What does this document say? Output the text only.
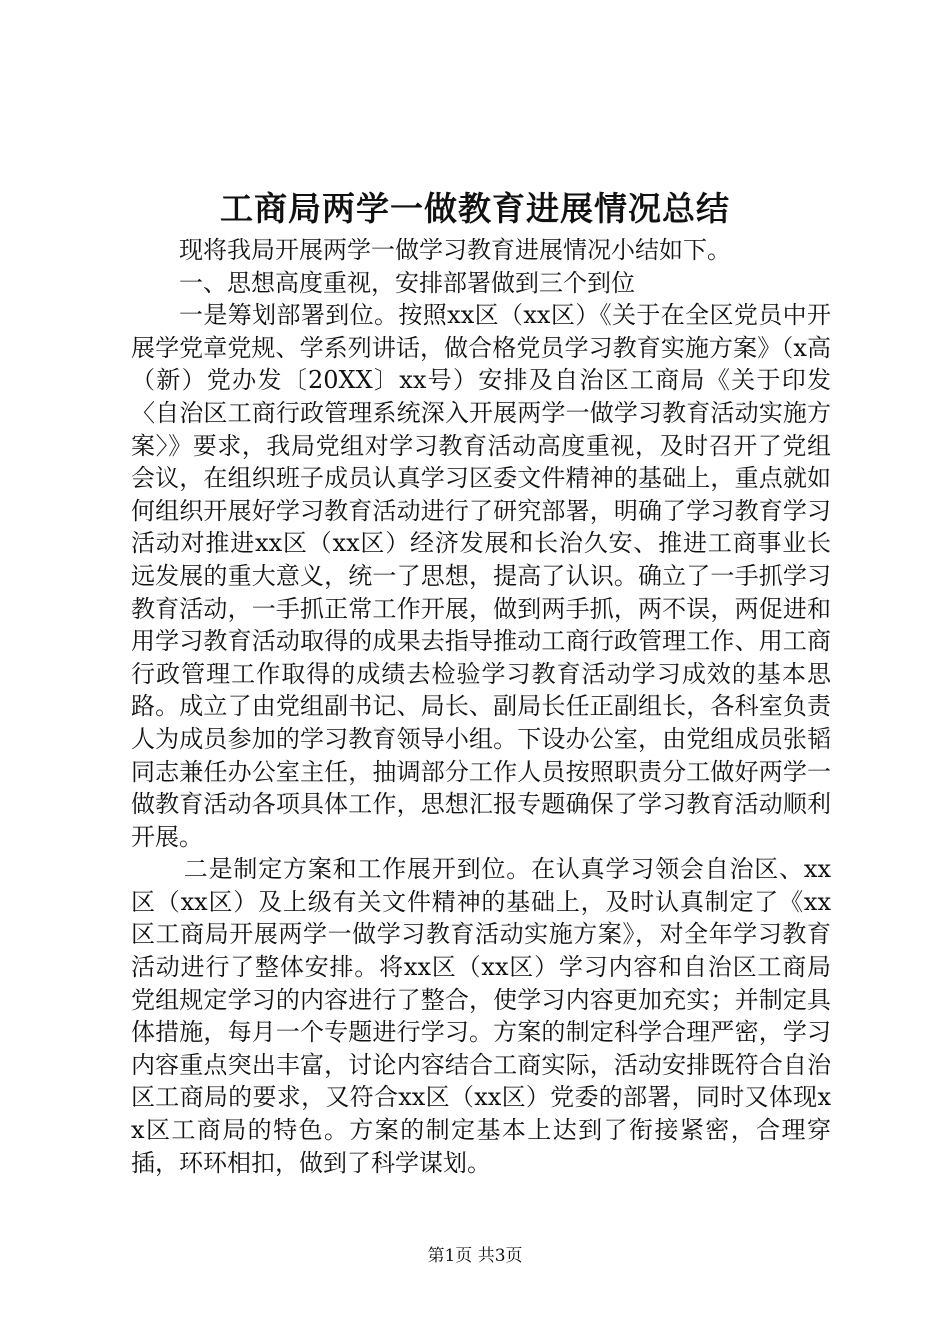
工商局两学一做教育进展情况总结

现将我局开展两学一做学习教育进展情况小结如下。

一、思想高度重视，安排部署做到三个到位

一是筹划部署到位。按照xx区（xx区）《关于在全区党员中开展学党章党规、学系列讲话，做合格党员学习教育实施方案》（x高（新）党办发〔20XX〕xx号）安排及自治区工商局《关于印发〈自治区工商行政管理系统深入开展两学一做学习教育活动实施方案〉》要求，我局党组对学习教育活动高度重视，及时召开了党组会议，在组织班子成员认真学习区委文件精神的基础上，重点就如何组织开展好学习教育活动进行了研究部署，明确了学习教育学习活动对推进xx区（xx区）经济发展和长治久安、推进工商事业长远发展的重大意义，统一了思想，提高了认识。确立了一手抓学习教育活动，一手抓正常工作开展，做到两手抓，两不误，两促进和用学习教育活动取得的成果去指导推动工商行政管理工作、用工商行政管理工作取得的成绩去检验学习教育活动学习成效的基本思路。成立了由党组副书记、局长、副局长任正副组长，各科室负责人为成员参加的学习教育领导小组。下设办公室，由党组成员张韬同志兼任办公室主任，抽调部分工作人员按照职责分工做好两学一做教育活动各项具体工作，思想汇报专题确保了学习教育活动顺利开展。

二是制定方案和工作展开到位。在认真学习领会自治区、xx区（xx区）及上级有关文件精神的基础上，及时认真制定了《xx区工商局开展两学一做学习教育活动实施方案》，对全年学习教育活动进行了整体安排。将xx区（xx区）学习内容和自治区工商局党组规定学习的内容进行了整合，使学习内容更加充实；并制定具体措施，每月一个专题进行学习。方案的制定科学合理严密，学习内容重点突出丰富，讨论内容结合工商实际，活动安排既符合自治区工商局的要求，又符合xx区（xx区）党委的部署，同时又体现xx区工商局的特色。方案的制定基本上达到了衔接紧密，合理穿插，环环相扣，做到了科学谋划。

第1页 共3页
